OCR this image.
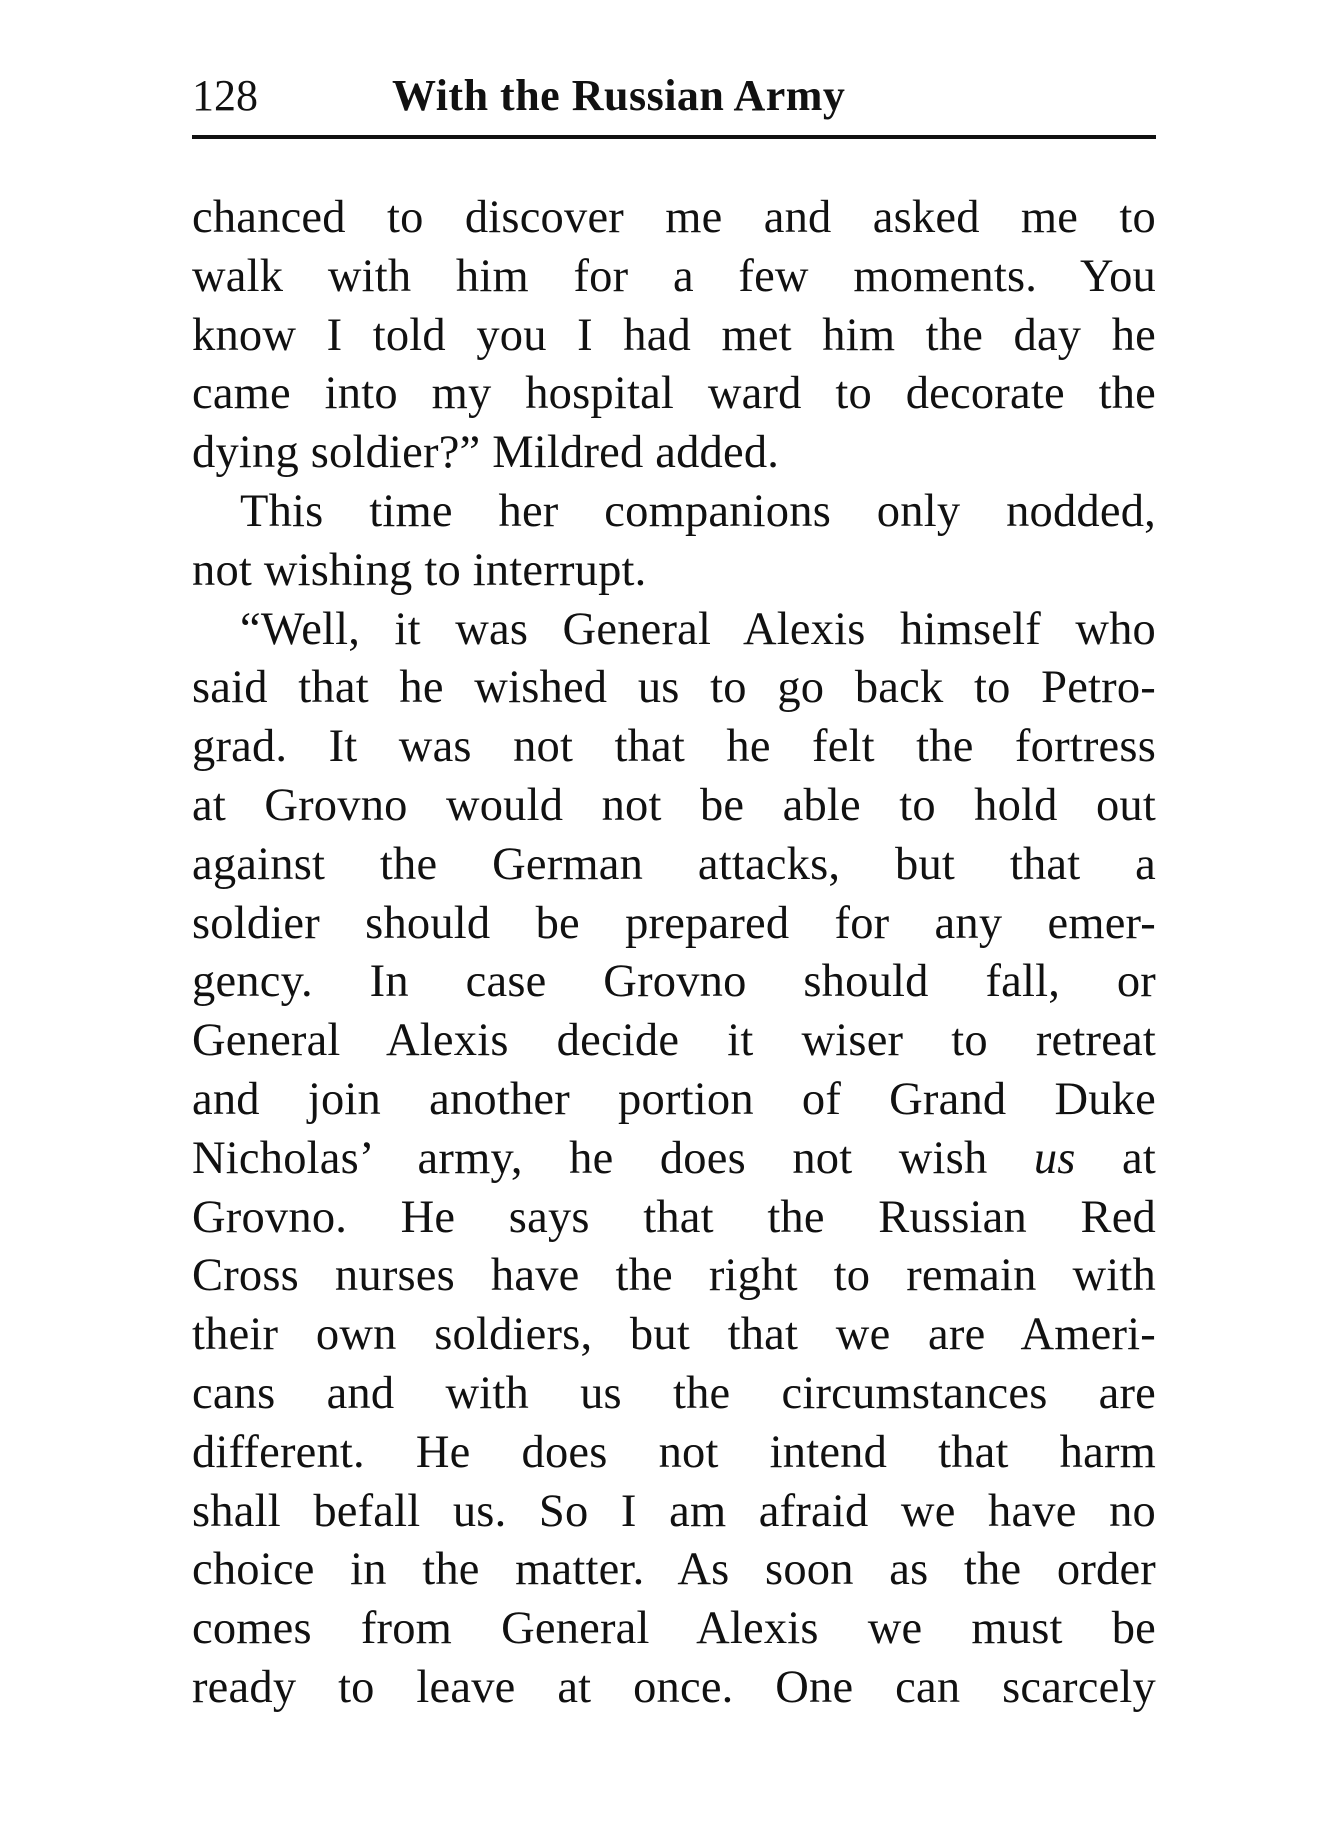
128	With the Russian Army
chanced to discover me and asked me to
walk with him for a few moments. You
know I told you I had met him the day he
came into my hospital ward to decorate the
dying soldier?” Mildred added.
This time her companions only nodded,
not wishing to interrupt.
“Well, it was General Alexis himself who
said that he wished us to go back to Petro-
grad. It was not that he felt the fortress
at Grovno would not be able to hold out
against the German attacks, but that a
soldier should be prepared for any emer-
gency. In case Grovno should fall, or
General Alexis decide it wiser to retreat
and join another portion of Grand Duke
Nicholas’ army, he does not wish us at
Grovno. He says that the Russian Red
Cross nurses have the right to remain with
their own soldiers, but that we are Ameri-
cans and with us the circumstances are
different. He does not intend that harm
shall befall us. So I am afraid we have no
choice in the matter. As soon as the order
comes from General Alexis we must be
ready to leave at once. One can scarcely
